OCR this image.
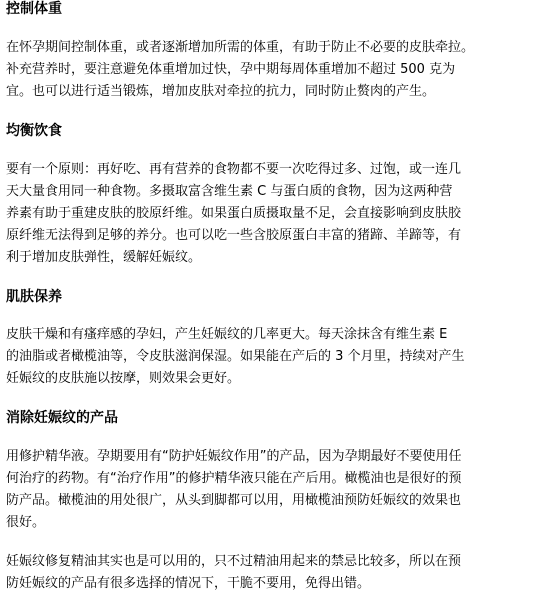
控制体重

在怀孕期间控制体重，或者逐渐增加所需的体重，有助于防止不必要的皮肤牵拉。
补充营养时，要注意避免体重增加过快，孕中期每周体重增加不超过 500 克为
宜。也可以进行适当锻炼，增加皮肤对牵拉的抗力，同时防止赘肉的产生。

均衡饮食

要有一个原则：再好吃、再有营养的食物都不要一次吃得过多、过饱，或一连几
天大量食用同一种食物。多摄取富含维生素 C 与蛋白质的食物，因为这两种营
养素有助于重建皮肤的胶原纤维。如果蛋白质摄取量不足，会直接影响到皮肤胶
原纤维无法得到足够的养分。也可以吃一些含胶原蛋白丰富的猪蹄、羊蹄等，有
利于增加皮肤弹性，缓解妊娠纹。

肌肤保养

皮肤干燥和有瘙痒感的孕妇，产生妊娠纹的几率更大。每天涂抹含有维生素 E
的油脂或者橄榄油等，令皮肤滋润保湿。如果能在产后的 3 个月里，持续对产生
妊娠纹的皮肤施以按摩，则效果会更好。

消除妊娠纹的产品

用修护精华液。孕期要用有“防护妊娠纹作用”的产品，因为孕期最好不要使用任
何治疗的药物。有“治疗作用”的修护精华液只能在产后用。橄榄油也是很好的预
防产品。橄榄油的用处很广，从头到脚都可以用，用橄榄油预防妊娠纹的效果也
很好。

妊娠纹修复精油其实也是可以用的，只不过精油用起来的禁忌比较多，所以在预
防妊娠纹的产品有很多选择的情况下，干脆不要用，免得出错。
